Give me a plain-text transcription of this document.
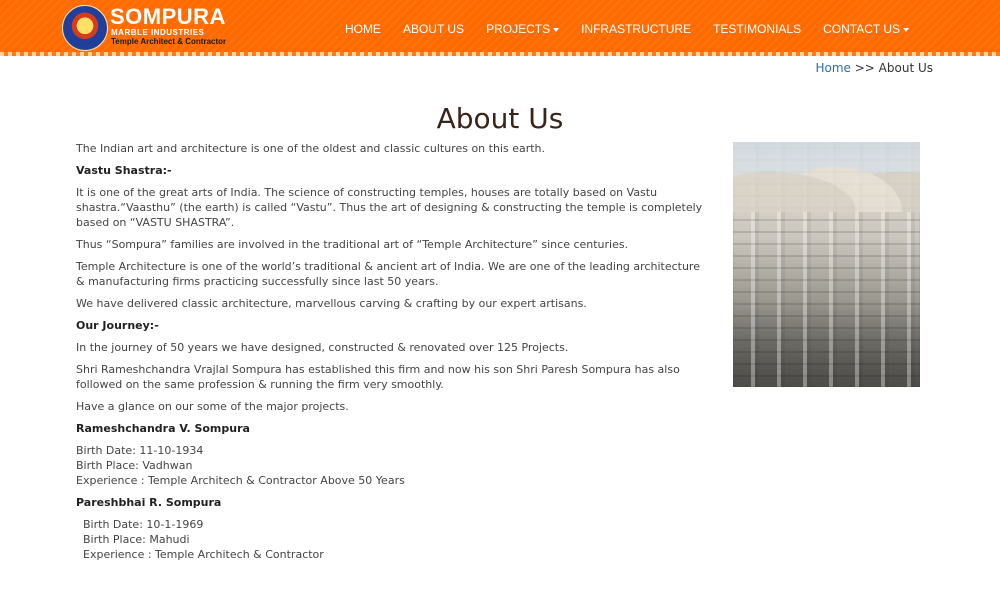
SOMPURA
MARBLE INDUSTRIES
Temple Architect & Contractor
HOME	ABOUT US	PROJECTS	INFRASTRUCTURE	TESTIMONIALS	CONTACT US
Home >> About Us
About Us

The Indian art and architecture is one of the oldest and classic cultures on this earth.

Vastu Shastra:-

It is one of the great arts of India. The science of constructing temples, houses are totally based on Vastu shastra.“Vaasthu” (the earth) is called “Vastu”. Thus the art of designing & constructing the temple is completely based on “VASTU SHASTRA”.

Thus “Sompura” families are involved in the traditional art of “Temple Architecture” since centuries.

Temple Architecture is one of the world’s traditional & ancient art of India. We are one of the leading architecture & manufacturing firms practicing successfully since last 50 years.

We have delivered classic architecture, marvellous carving & crafting by our expert artisans.

Our Journey:-

In the journey of 50 years we have designed, constructed & renovated over 125 Projects.

Shri Rameshchandra Vrajlal Sompura has established this firm and now his son Shri Paresh Sompura has also followed on the same profession & running the firm very smoothly.

Have a glance on our some of the major projects.

Rameshchandra V. Sompura

Birth Date: 11-10-1934
Birth Place: Vadhwan
Experience : Temple Architech & Contractor Above 50 Years

Pareshbhai R. Sompura

Birth Date: 10-1-1969
Birth Place: Mahudi
Experience : Temple Architech & Contractor
